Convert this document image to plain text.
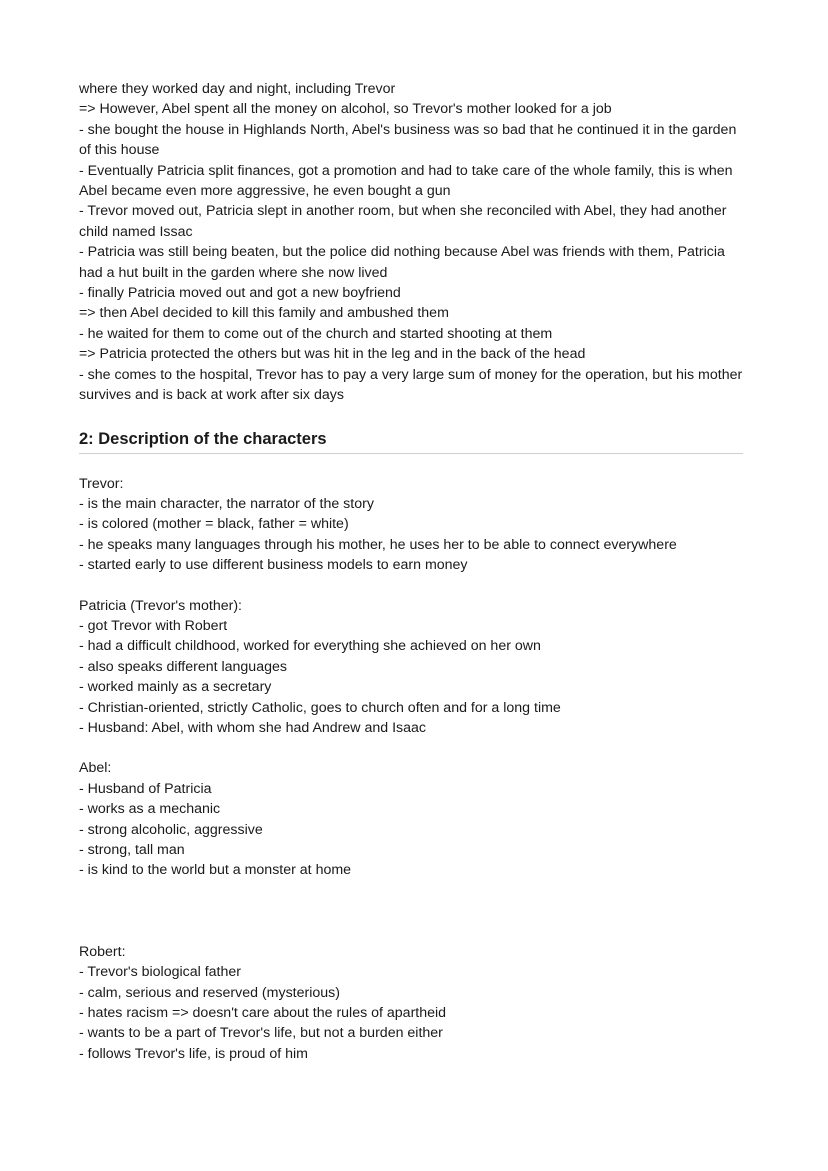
where they worked day and night, including Trevor

=> However, Abel spent all the money on alcohol, so Trevor's mother looked for a job

- she bought the house in Highlands North, Abel's business was so bad that he continued it in the garden of this house

- Eventually Patricia split finances, got a promotion and had to take care of the whole family, this is when Abel became even more aggressive, he even bought a gun

- Trevor moved out, Patricia slept in another room, but when she reconciled with Abel, they had another child named Issac

- Patricia was still being beaten, but the police did nothing because Abel was friends with them, Patricia had a hut built in the garden where she now lived

- finally Patricia moved out and got a new boyfriend

=> then Abel decided to kill this family and ambushed them

- he waited for them to come out of the church and started shooting at them

=> Patricia protected the others but was hit in the leg and in the back of the head

- she comes to the hospital, Trevor has to pay a very large sum of money for the operation, but his mother survives and is back at work after six days

2: Description of the characters

Trevor:

- is the main character, the narrator of the story

- is colored (mother = black, father = white)

- he speaks many languages through his mother, he uses her to be able to connect everywhere

- started early to use different business models to earn money

Patricia (Trevor's mother):

- got Trevor with Robert

- had a difficult childhood, worked for everything she achieved on her own

- also speaks different languages

- worked mainly as a secretary

- Christian-oriented, strictly Catholic, goes to church often and for a long time

- Husband: Abel, with whom she had Andrew and Isaac

Abel:

- Husband of Patricia

- works as a mechanic

- strong alcoholic, aggressive

- strong, tall man

- is kind to the world but a monster at home

Robert:

- Trevor's biological father

- calm, serious and reserved (mysterious)

- hates racism => doesn't care about the rules of apartheid

- wants to be a part of Trevor's life, but not a burden either

- follows Trevor's life, is proud of him
